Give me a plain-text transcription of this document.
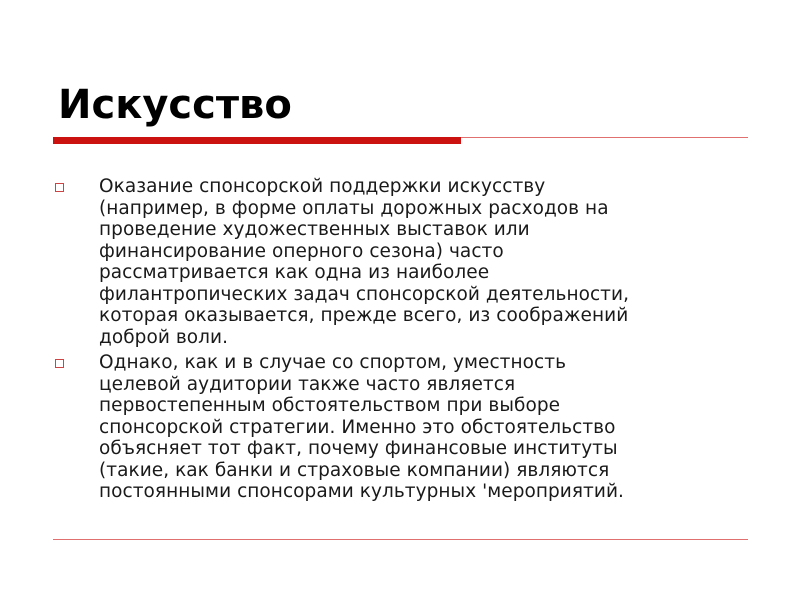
Искусство
Оказание спонсорской поддержки искусству
(например, в форме оплаты дорожных расходов на
проведение художественных выставок или
финансирование оперного сезона) часто
рассматривается как одна из наиболее
филантропических задач спонсорской деятельности,
которая оказывается, прежде всего, из соображений
доброй воли.
Однако, как и в случае со спортом, уместность
целевой аудитории также часто является
первостепенным обстоятельством при выборе
спонсорской стратегии. Именно это обстоятельство
объясняет тот факт, почему финансовые институты
(такие, как банки и страховые компании) являются
постоянными спонсорами культурных 'мероприятий.
